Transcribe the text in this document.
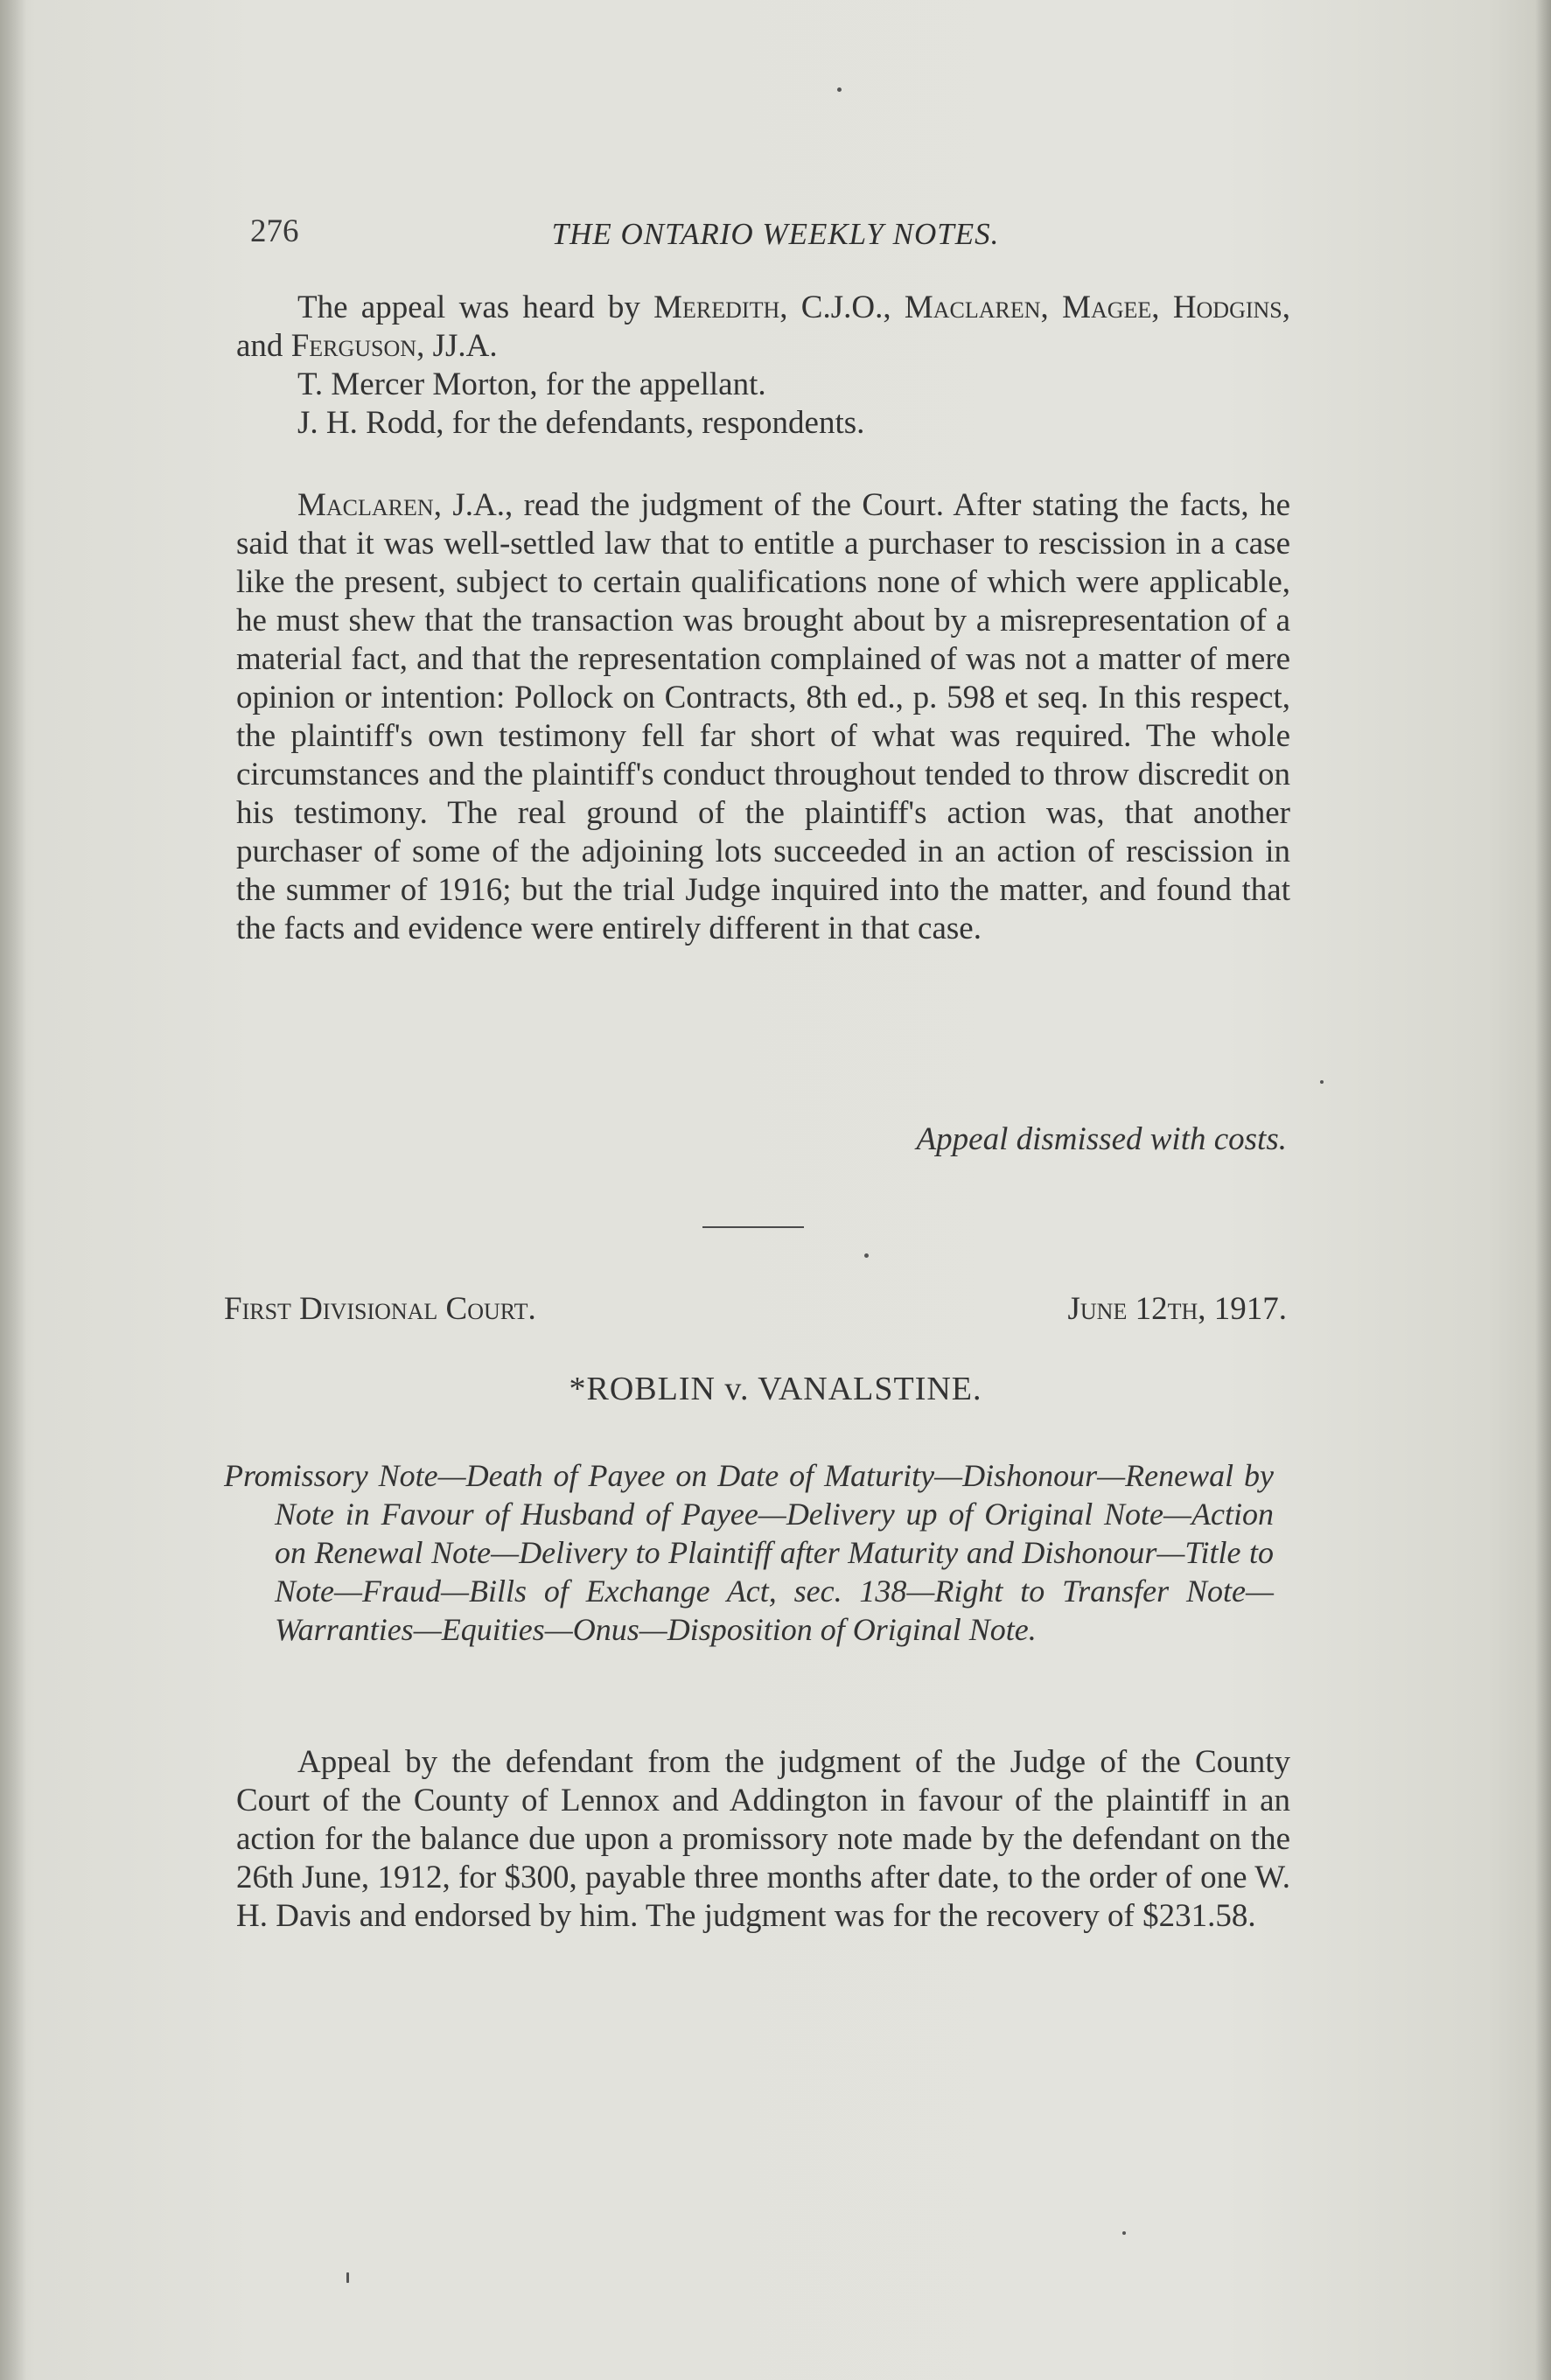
276	THE ONTARIO WEEKLY NOTES.

The appeal was heard by Meredith, C.J.O., Maclaren, Magee, Hodgins, and Ferguson, JJ.A.

T. Mercer Morton, for the appellant.

J. H. Rodd, for the defendants, respondents.

Maclaren, J.A., read the judgment of the Court. After stating the facts, he said that it was well-settled law that to entitle a purchaser to rescission in a case like the present, subject to certain qualifications none of which were applicable, he must shew that the transaction was brought about by a misrepresentation of a material fact, and that the representation complained of was not a matter of mere opinion or intention: Pollock on Contracts, 8th ed., p. 598 et seq. In this respect, the plaintiff's own testimony fell far short of what was required. The whole circumstances and the plaintiff's conduct throughout tended to throw discredit on his testimony. The real ground of the plaintiff's action was, that another purchaser of some of the adjoining lots succeeded in an action of rescission in the summer of 1916; but the trial Judge inquired into the matter, and found that the facts and evidence were entirely different in that case.

Appeal dismissed with costs.
First Divisional Court.	June 12th, 1917.
*ROBLIN v. VANALSTINE.

Promissory Note—Death of Payee on Date of Maturity—Dishonour—Renewal by Note in Favour of Husband of Payee—Delivery up of Original Note—Action on Renewal Note—Delivery to Plaintiff after Maturity and Dishonour—Title to Note—Fraud—Bills of Exchange Act, sec. 138—Right to Transfer Note—Warranties—Equities—Onus—Disposition of Original Note.

Appeal by the defendant from the judgment of the Judge of the County Court of the County of Lennox and Addington in favour of the plaintiff in an action for the balance due upon a promissory note made by the defendant on the 26th June, 1912, for $300, payable three months after date, to the order of one W. H. Davis and endorsed by him. The judgment was for the recovery of $231.58.
